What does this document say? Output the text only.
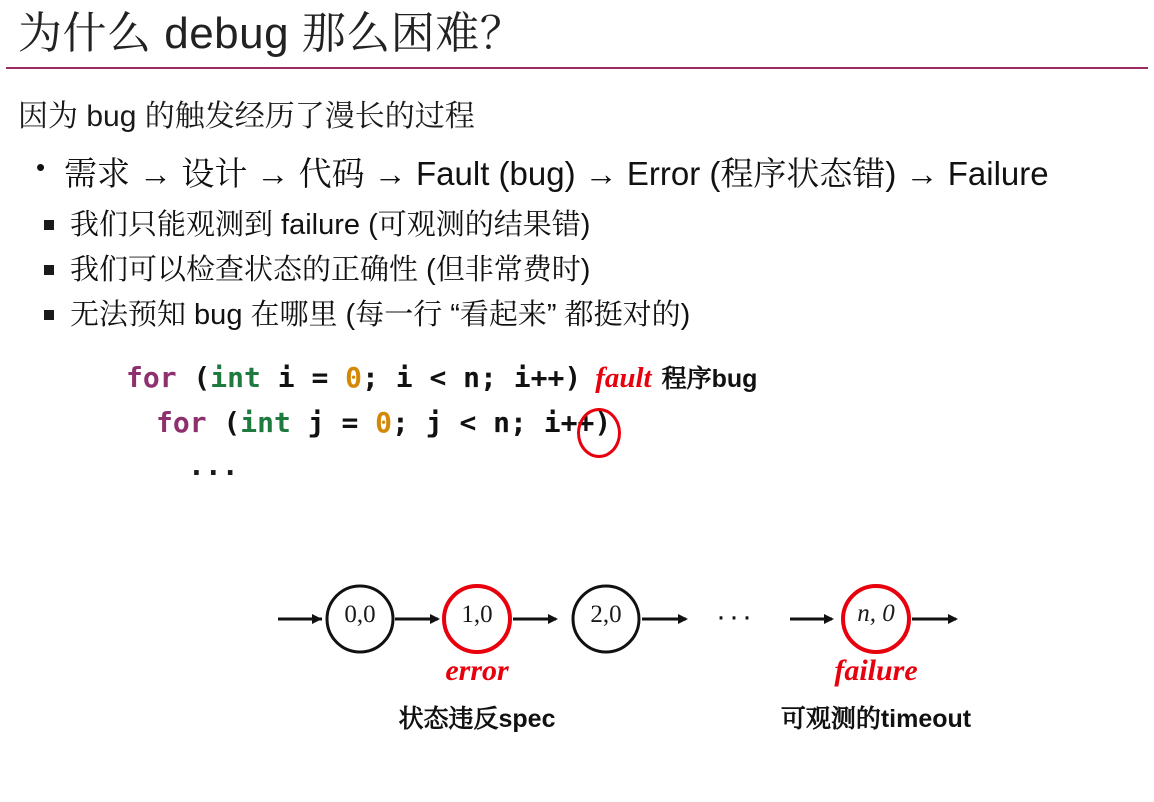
为什么 debug 那么困难？
因为 bug 的触发经历了漫长的过程
• 需求 → 设计 → 代码 → Fault (bug) → Error (程序状态错) → Failure
我们只能观测到 failure (可观测的结果错)
我们可以检查状态的正确性 (但非常费时)
无法预知 bug 在哪里 (每一行 “看起来” 都挺对的)
for (int i = 0; i < n; i++) fault 程序bug
for (int j = 0; j < n; i++)
...
0,0	1,0	2,0	n, 0
···
error
状态违反spec
failure
可观测的timeout
